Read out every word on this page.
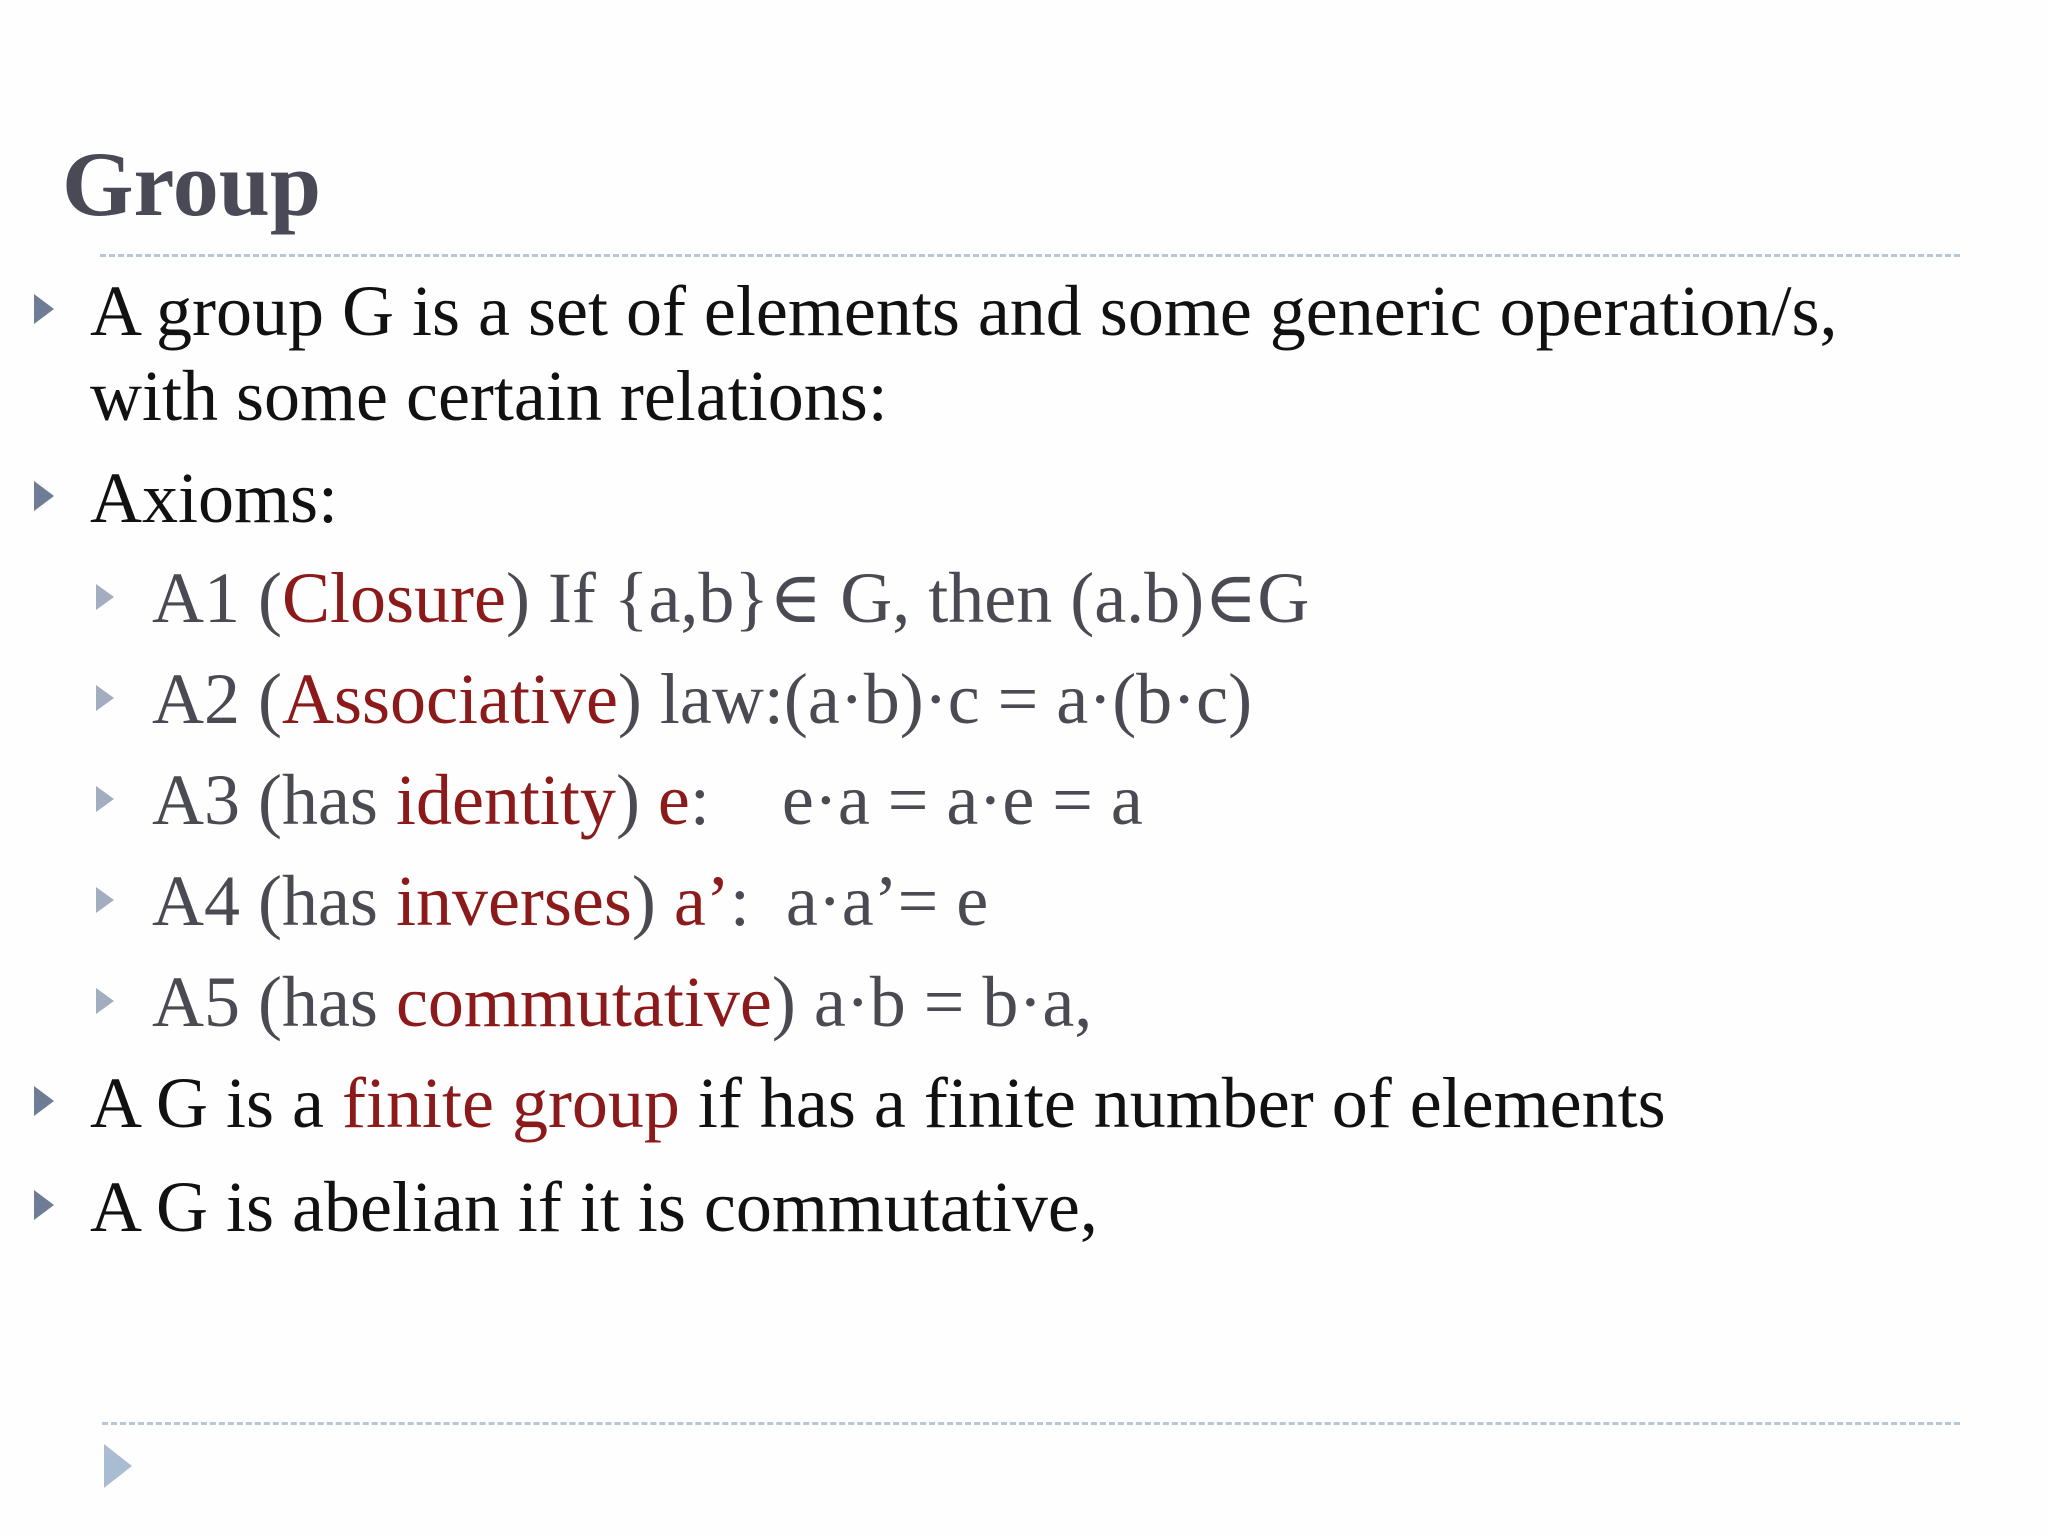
Group
A group G is a set of elements and some generic operation/s,
with some certain relations:
Axioms:
A1 (Closure) If {a,b}∈ G, then (a.b)∈G
A2 (Associative) law:(a·b)·c = a·(b·c)
A3 (has identity) e:    e·a = a·e = a
A4 (has inverses) a’:  a·a’= e
A5 (has commutative) a·b = b·a,
A G is a finite group if has a finite number of elements
A G is abelian if it is commutative,
